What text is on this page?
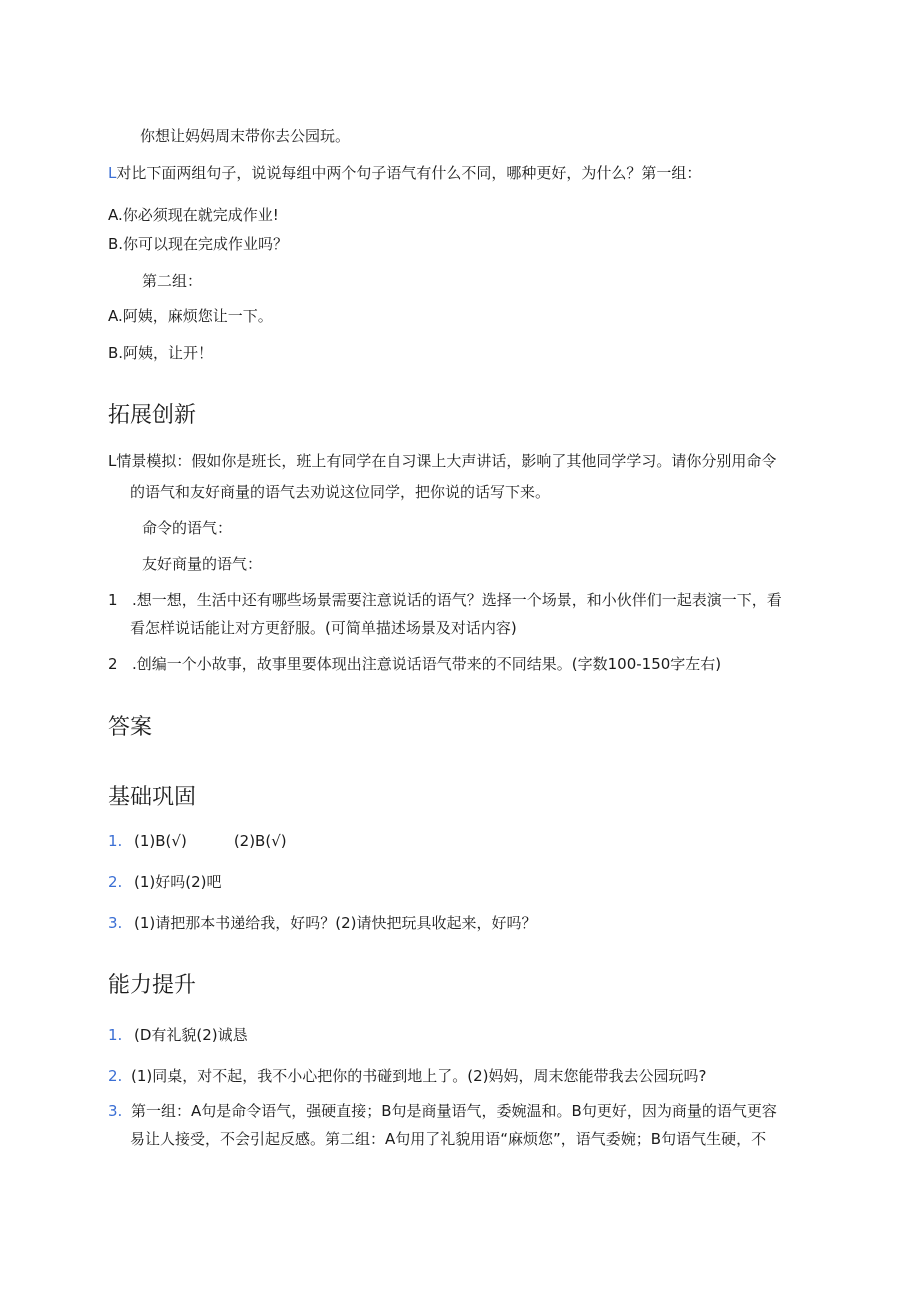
你想让妈妈周末带你去公园玩。
L对比下面两组句子，说说每组中两个句子语气有什么不同，哪种更好，为什么？第一组：
A.你必须现在就完成作业!
B.你可以现在完成作业吗？
第二组：
A.阿姨，麻烦您让一下。
B.阿姨，让开！
拓展创新
L情景模拟：假如你是班长，班上有同学在自习课上大声讲话，影响了其他同学学习。请你分别用命令
的语气和友好商量的语气去劝说这位同学，把你说的话写下来。
命令的语气：
友好商量的语气：
1 .想一想，生活中还有哪些场景需要注意说话的语气？选择一个场景，和小伙伴们一起表演一下，看
看怎样说话能让对方更舒服。(可简单描述场景及对话内容)
2 .创编一个小故事，故事里要体现出注意说话语气带来的不同结果。(字数100-150字左右)
答案
基础巩固
1. (1)B(√)	(2)B(√)
2. (1)好吗(2)吧
3. (1)请把那本书递给我，好吗？(2)请快把玩具收起来，好吗？
能力提升
1. (D有礼貌(2)诚恳
2. (1)同桌，对不起，我不小心把你的书碰到地上了。(2)妈妈，周末您能带我去公园玩吗?
3. 第一组：A句是命令语气，强硬直接；B句是商量语气，委婉温和。B句更好，因为商量的语气更容
易让人接受，不会引起反感。第二组：A句用了礼貌用语“麻烦您”，语气委婉；B句语气生硬，不
